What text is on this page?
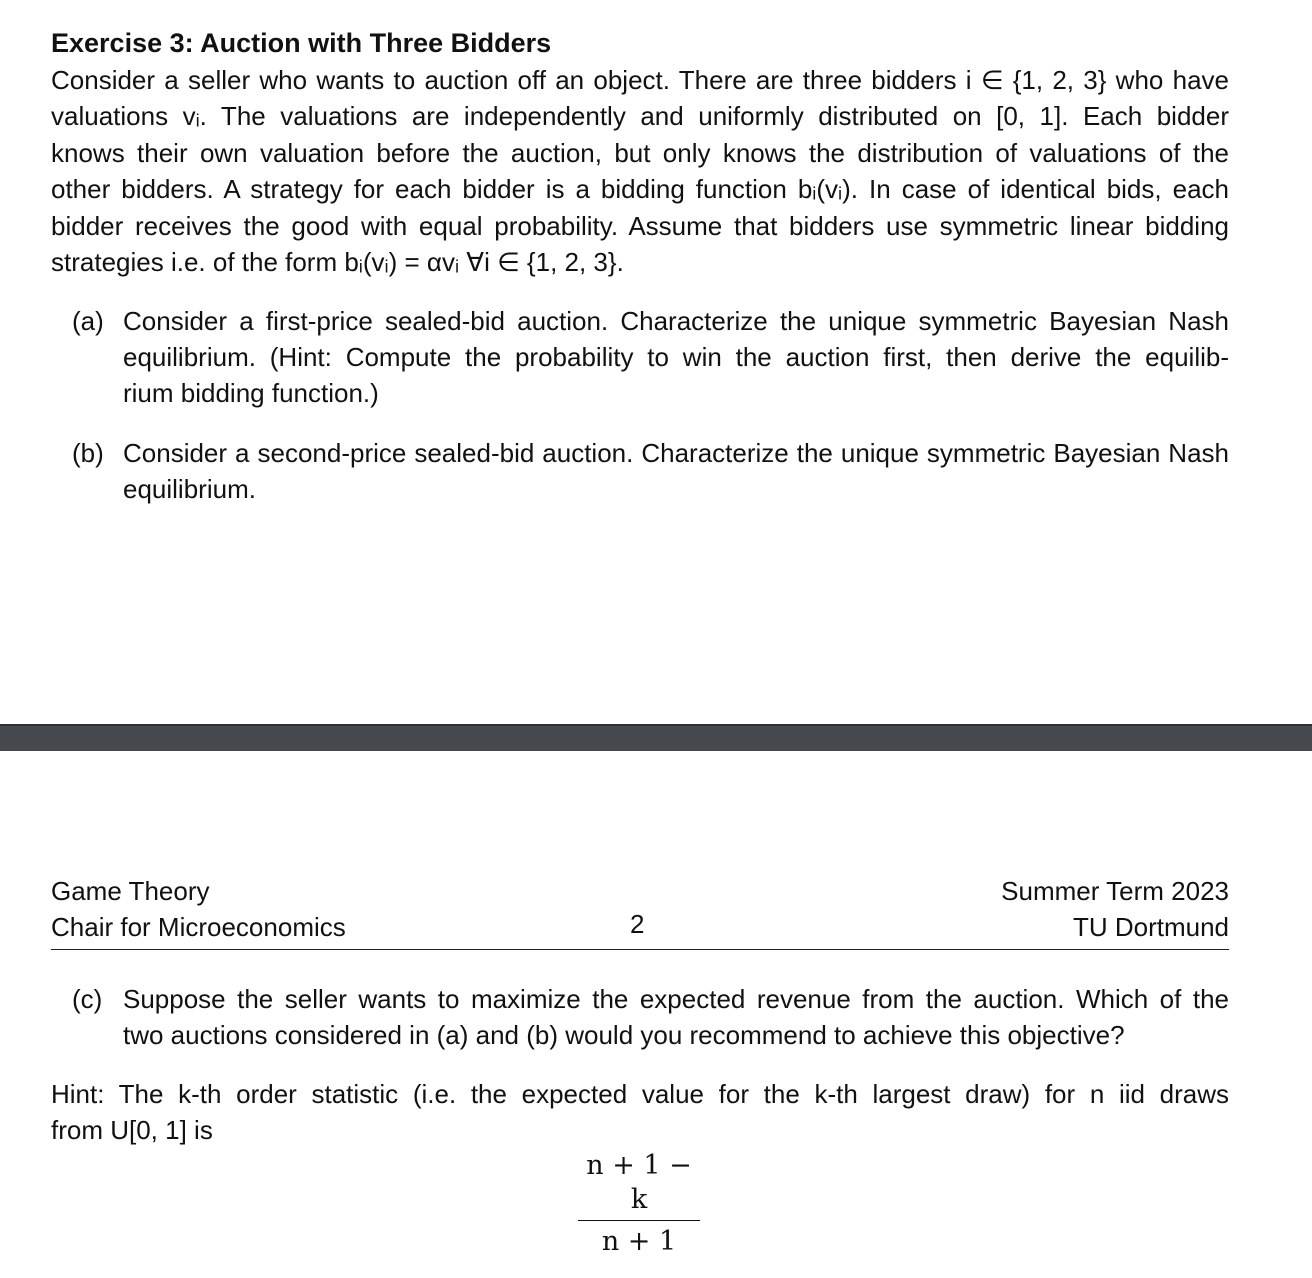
Exercise 3: Auction with Three Bidders
Consider a seller who wants to auction off an object. There are three bidders i ∈ {1, 2, 3} who have
valuations vᵢ. The valuations are independently and uniformly distributed on [0, 1]. Each bidder
knows their own valuation before the auction, but only knows the distribution of valuations of the
other bidders. A strategy for each bidder is a bidding function bᵢ(vᵢ). In case of identical bids, each
bidder receives the good with equal probability. Assume that bidders use symmetric linear bidding
strategies i.e. of the form bᵢ(vᵢ) = αvᵢ ∀i ∈ {1, 2, 3}.
(a) Consider a first-price sealed-bid auction. Characterize the unique symmetric Bayesian Nash
equilibrium. (Hint: Compute the probability to win the auction first, then derive the equilib-
rium bidding function.)
(b) Consider a second-price sealed-bid auction. Characterize the unique symmetric Bayesian Nash
equilibrium.
Game Theory
Chair for Microeconomics	2
Summer Term 2023
TU Dortmund
(c) Suppose the seller wants to maximize the expected revenue from the auction. Which of the
two auctions considered in (a) and (b) would you recommend to achieve this objective?
Hint: The k-th order statistic (i.e. the expected value for the k-th largest draw) for n iid draws
from U[0, 1] is
n + 1 − k
n + 1
